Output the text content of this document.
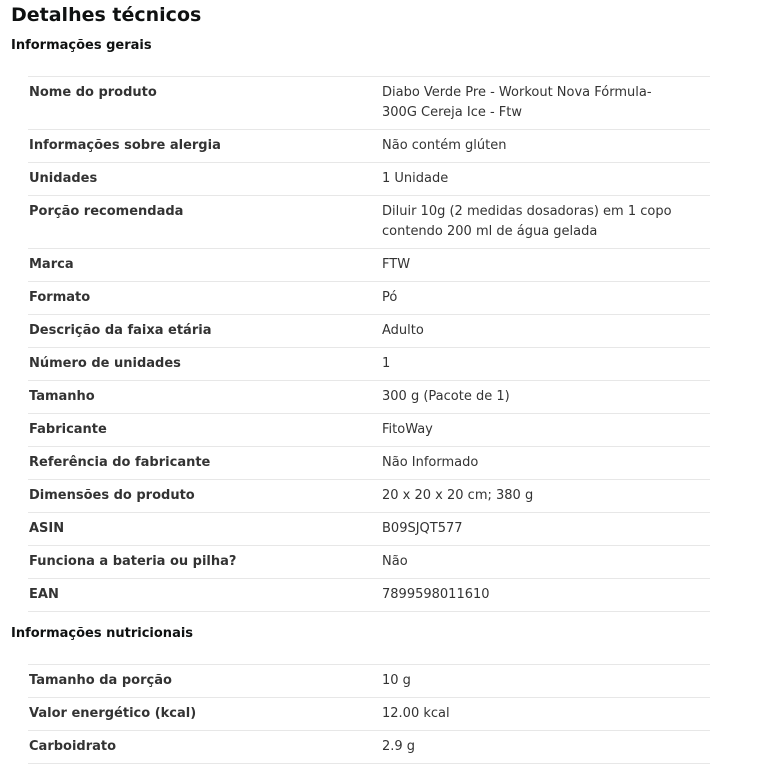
Detalhes técnicos
Informações gerais
Nome do produto	Diabo Verde Pre - Workout Nova Fórmula- 300G Cereja Ice - Ftw
Informações sobre alergia	Não contém glúten
Unidades	1 Unidade
Porção recomendada	Diluir 10g (2 medidas dosadoras) em 1 copo contendo 200 ml de água gelada
Marca	FTW
Formato	Pó
Descrição da faixa etária	Adulto
Número de unidades	1
Tamanho	300 g (Pacote de 1)
Fabricante	FitoWay
Referência do fabricante	Não Informado
Dimensões do produto	20 x 20 x 20 cm; 380 g
ASIN	B09SJQT577
Funciona a bateria ou pilha?	Não
EAN	7899598011610
Informações nutricionais
Tamanho da porção	10 g
Valor energético (kcal)	12.00 kcal
Carboidrato	2.9 g
